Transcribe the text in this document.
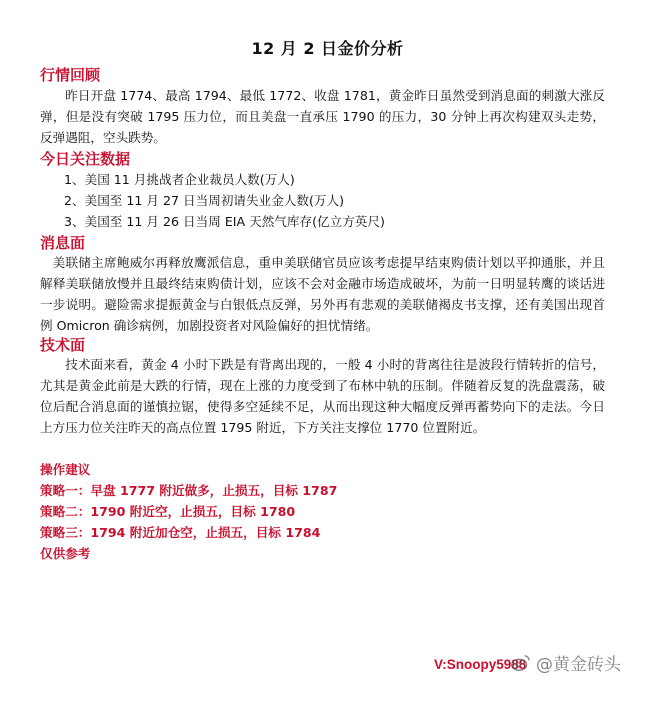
12 月 2 日金价分析
行情回顾
昨日开盘 1774、最高 1794、最低 1772、收盘 1781，黄金昨日虽然受到消息面的刺激大涨反弹，但是没有突破 1795 压力位，而且美盘一直承压 1790 的压力，30 分钟上再次构建双头走势，反弹遇阻，空头跌势。
今日关注数据
1、美国 11 月挑战者企业裁员人数(万人)
2、美国至 11 月 27 日当周初请失业金人数(万人)
3、美国至 11 月 26 日当周 EIA 天然气库存(亿立方英尺)
消息面
美联储主席鲍威尔再释放鹰派信息，重申美联储官员应该考虑提早结束购债计划以平抑通胀，并且解释美联储放慢并且最终结束购债计划，应该不会对金融市场造成破坏，为前一日明显转鹰的谈话进一步说明。避险需求提振黄金与白银低点反弹，另外再有悲观的美联储褐皮书支撑，还有美国出现首例 Omicron 确诊病例，加剧投资者对风险偏好的担忧情绪。
技术面
技术面来看，黄金 4 小时下跌是有背离出现的，一般 4 小时的背离往往是波段行情转折的信号，尤其是黄金此前是大跌的行情，现在上涨的力度受到了布林中轨的压制。伴随着反复的洗盘震荡，破位后配合消息面的谨慎拉锯，使得多空延续不足，从而出现这种大幅度反弹再蓄势向下的走法。今日上方压力位关注昨天的高点位置 1795 附近，下方关注支撑位 1770 位置附近。
操作建议
策略一：早盘 1777 附近做多，止损五，目标 1787
策略二：1790 附近空，止损五，目标 1780
策略三：1794 附近加仓空，止损五，目标 1784
仅供参考
V:Snoopy5988 @黄金砖头
